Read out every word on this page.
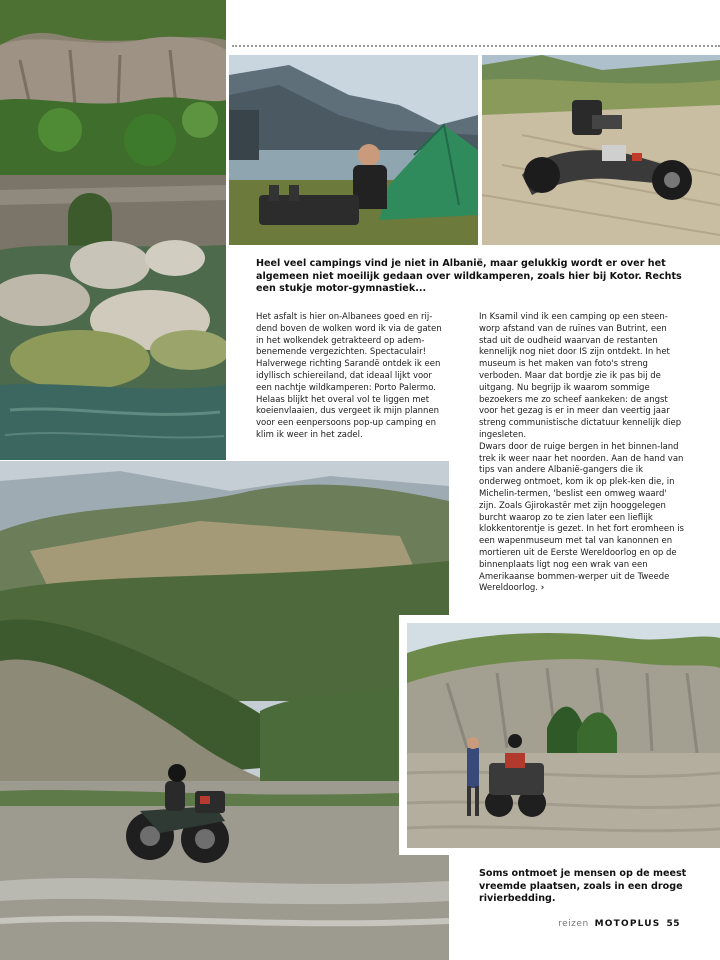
Heel veel campings vind je niet in Albanië, maar gelukkig wordt er over het algemeen niet moeilijk gedaan over wildkamperen, zoals hier bij Kotor. Rechts een stukje motor-gymnastiek...

Het asfalt is hier on-Albanees goed en rij-dend boven de wolken word ik via de gaten in het wolkendek getrakteerd op adem-benemende vergezichten. Spectaculair! Halverwege richting Sarandë ontdek ik een idyllisch schiereiland, dat ideaal lijkt voor een nachtje wildkamperen: Porto Palermo. Helaas blijkt het overal vol te liggen met koeienvlaaien, dus vergeet ik mijn plannen voor een eenpersoons pop-up camping en klim ik weer in het zadel.

In Ksamil vind ik een camping op een steen-worp afstand van de ruïnes van Butrint, een stad uit de oudheid waarvan de restanten kennelijk nog niet door IS zijn ontdekt. In het museum is het maken van foto's streng verboden. Maar dat bordje zie ik pas bij de uitgang. Nu begrijp ik waarom sommige bezoekers me zo scheef aankeken: de angst voor het gezag is er in meer dan veertig jaar streng communistische dictatuur kennelijk diep ingesleten.

Dwars door de ruige bergen in het binnen-land trek ik weer naar het noorden. Aan de hand van tips van andere Albanië-gangers die ik onderweg ontmoet, kom ik op plek-ken die, in Michelin-termen, 'beslist een omweg waard' zijn. Zoals Gjirokastër met zijn hooggelegen burcht waarop zo te zien later een lieflijk klokkentorentje is gezet. In het fort eromheen is een wapenmuseum met tal van kanonnen en mortieren uit de Eerste Wereldoorlog en op de binnenplaats ligt nog een wrak van een Amerikaanse bommen-werper uit de Tweede Wereldoorlog. ›

Soms ontmoet je mensen op de meest vreemde plaatsen, zoals in een droge rivierbedding.

reizen MOTOPLUS 55
